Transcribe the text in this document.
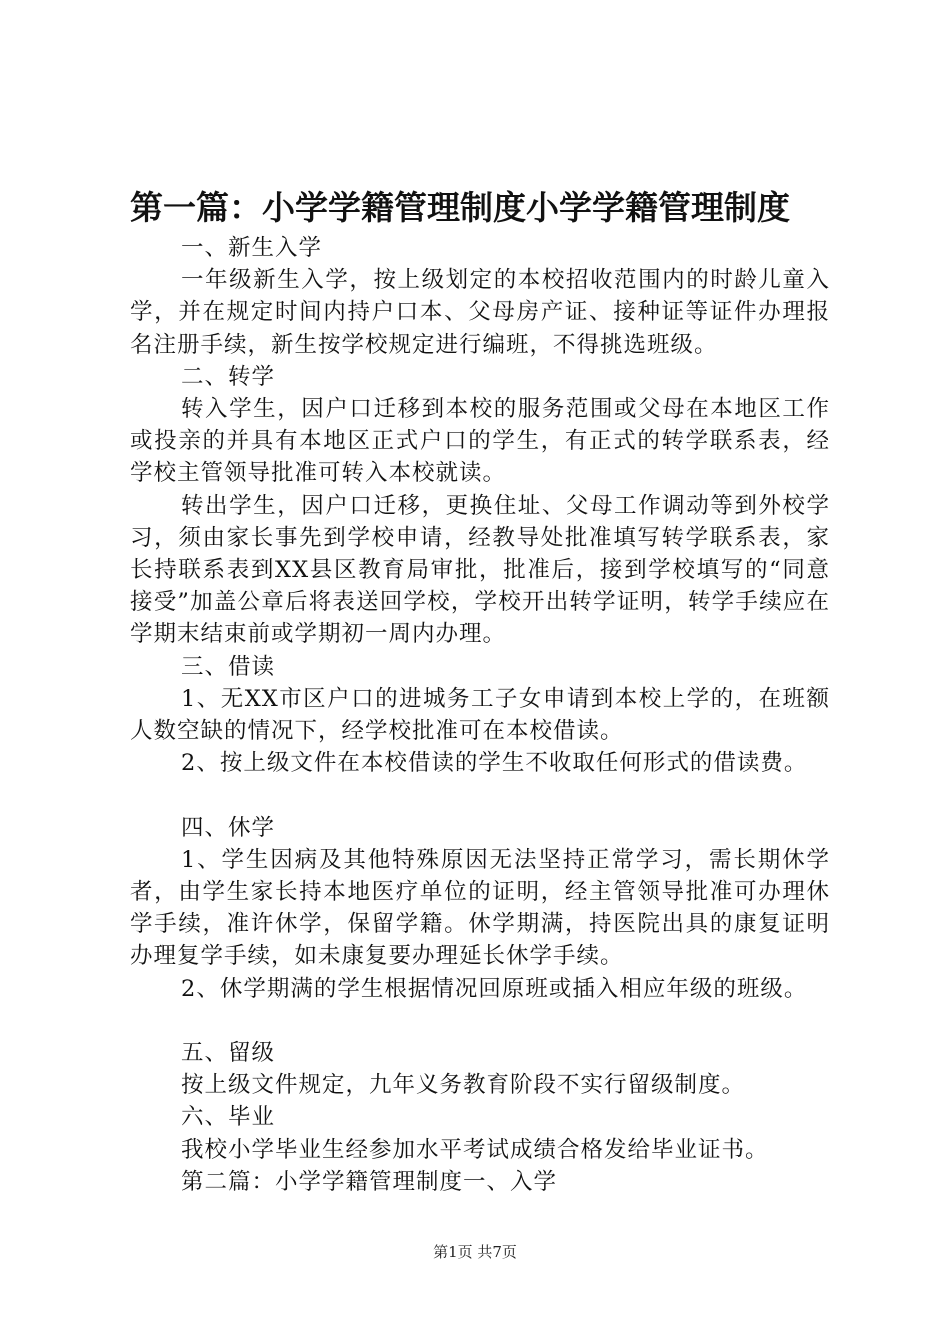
第一篇：小学学籍管理制度小学学籍管理制度

一、新生入学

一年级新生入学，按上级划定的本校招收范围内的时龄儿童入学，并在规定时间内持户口本、父母房产证、接种证等证件办理报名注册手续，新生按学校规定进行编班，不得挑选班级。

二、转学

转入学生，因户口迁移到本校的服务范围或父母在本地区工作或投亲的并具有本地区正式户口的学生，有正式的转学联系表，经学校主管领导批准可转入本校就读。

转出学生，因户口迁移，更换住址、父母工作调动等到外校学习，须由家长事先到学校申请，经教导处批准填写转学联系表，家长持联系表到XX县区教育局审批，批准后，接到学校填写的“同意接受”加盖公章后将表送回学校，学校开出转学证明，转学手续应在学期末结束前或学期初一周内办理。

三、借读

1、无XX市区户口的进城务工子女申请到本校上学的，在班额人数空缺的情况下，经学校批准可在本校借读。

2、按上级文件在本校借读的学生不收取任何形式的借读费。

四、休学

1、学生因病及其他特殊原因无法坚持正常学习，需长期休学者，由学生家长持本地医疗单位的证明，经主管领导批准可办理休学手续，准许休学，保留学籍。休学期满，持医院出具的康复证明办理复学手续，如未康复要办理延长休学手续。

2、休学期满的学生根据情况回原班或插入相应年级的班级。

五、留级

按上级文件规定，九年义务教育阶段不实行留级制度。

六、毕业

我校小学毕业生经参加水平考试成绩合格发给毕业证书。

第二篇：小学学籍管理制度一、入学

第1页 共7页
